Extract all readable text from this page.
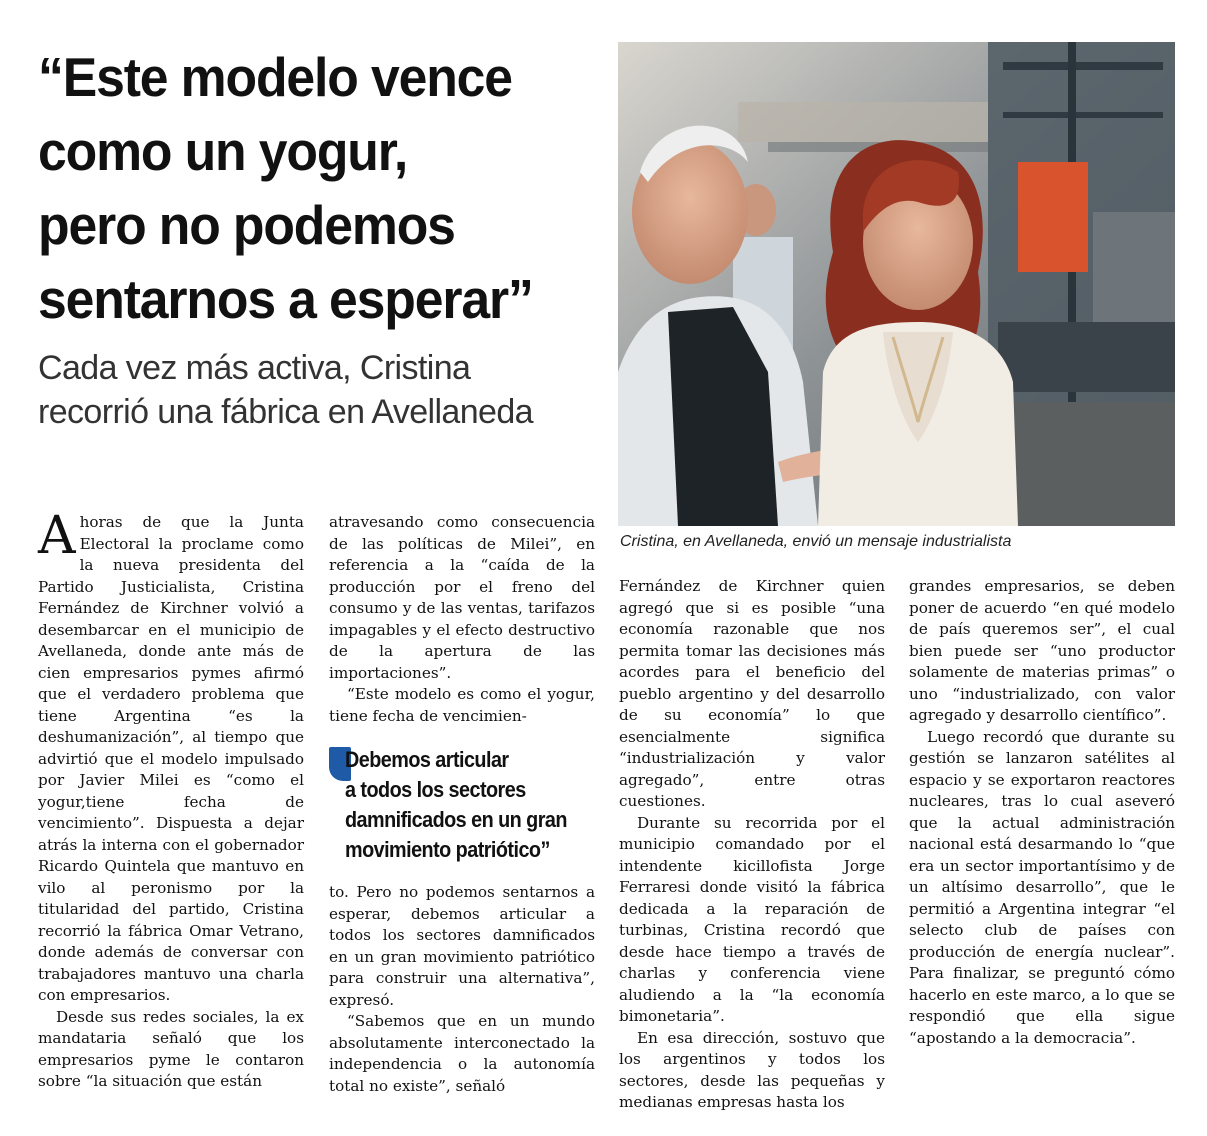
“Este modelo vence
como un yogur,
pero no podemos
sentarnos a esperar”
Cada vez más activa, Cristina
recorrió una fábrica en Avellaneda
Cristina, en Avellaneda, envió un mensaje industrialista

A horas de que la Junta Electoral la proclame como la nueva presidenta del Partido Justicialista, Cristina Fernández de Kirchner volvió a desembarcar en el municipio de Avellaneda, donde ante más de cien empresarios pymes afirmó que el verdadero problema que tiene Argentina “es la deshumanización”, al tiempo que advirtió que el modelo impulsado por Javier Milei es “como el yogur,tiene fecha de vencimiento”. Dispuesta a dejar atrás la interna con el gobernador Ricardo Quintela que mantuvo en vilo al peronismo por la titularidad del partido, Cristina recorrió la fábrica Omar Vetrano, donde además de conversar con trabajadores mantuvo una charla con empresarios.

Desde sus redes sociales, la ex mandataria señaló que los empresarios pyme le contaron sobre “la situación que están

atravesando como consecuencia de las políticas de Milei”, en referencia a la “caída de la producción por el freno del consumo y de las ventas, tarifazos impagables y el efecto destructivo de la apertura de las importaciones”.

“Este modelo es como el yogur, tiene fecha de vencimien-

Debemos articular
a todos los sectores
damnificados en un gran
movimiento patriótico”

to. Pero no podemos sentarnos a esperar, debemos articular a todos los sectores damnificados en un gran movimiento patriótico para construir una alternativa”, expresó.

“Sabemos que en un mundo absolutamente interconectado la independencia o la autonomía total no existe”, señaló

Fernández de Kirchner quien agregó que si es posible “una economía razonable que nos permita tomar las decisiones más acordes para el beneficio del pueblo argentino y del desarrollo de su economía” lo que esencialmente significa “industrialización y valor agregado”, entre otras cuestiones.

Durante su recorrida por el municipio comandado por el intendente kicillofista Jorge Ferraresi donde visitó la fábrica dedicada a la reparación de turbinas, Cristina recordó que desde hace tiempo a través de charlas y conferencia viene aludiendo a la “la economía bimonetaria”.

En esa dirección, sostuvo que los argentinos y todos los sectores, desde las pequeñas y medianas empresas hasta los

grandes empresarios, se deben poner de acuerdo “en qué modelo de país queremos ser”, el cual bien puede ser “uno productor solamente de materias primas” o uno “industrializado, con valor agregado y desarrollo científico”.

Luego recordó que durante su gestión se lanzaron satélites al espacio y se exportaron reactores nucleares, tras lo cual aseveró que la actual administración nacional está desarmando lo “que era un sector importantísimo y de un altísimo desarrollo”, que le permitió a Argentina integrar “el selecto club de países con producción de energía nuclear”. Para finalizar, se preguntó cómo hacerlo en este marco, a lo que se respondió que ella sigue “apostando a la democracia”.
